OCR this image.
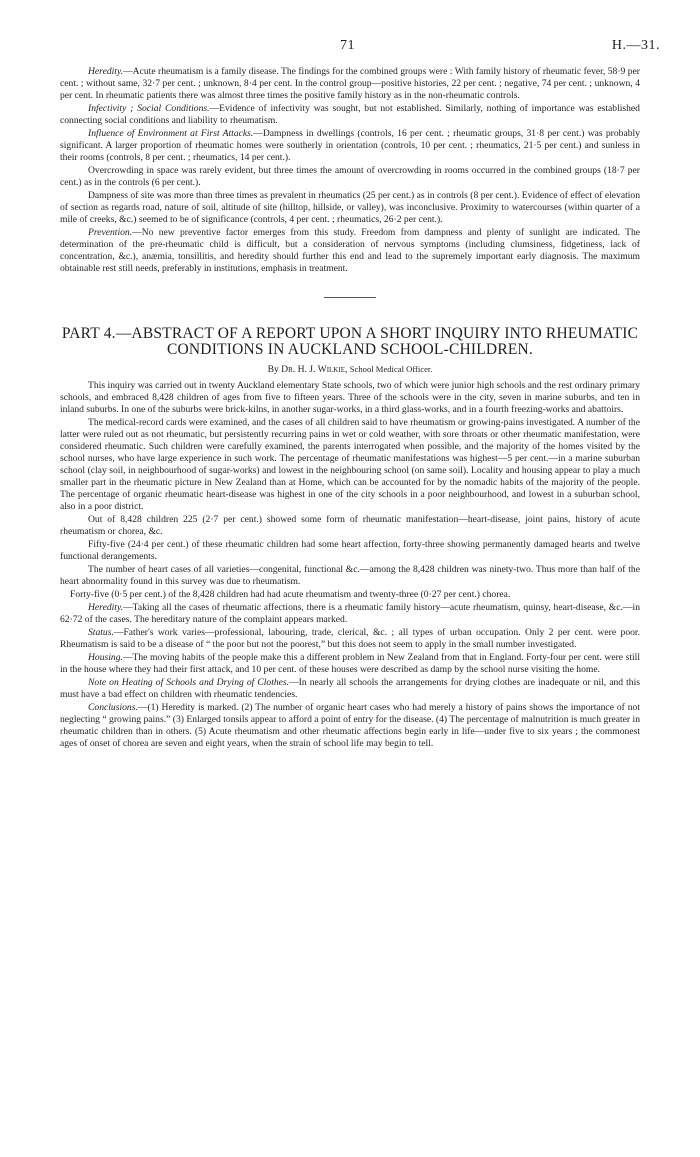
71	H.—31.

Heredity.—Acute rheumatism is a family disease. The findings for the combined groups were : With family history of rheumatic fever, 58·9 per cent. ; without same, 32·7 per cent. ; unknown, 8·4 per cent. In the control group—positive histories, 22 per cent. ; negative, 74 per cent. ; unknown, 4 per cent. In rheumatic patients there was almost three times the positive family history as in the non-rheumatic controls.

Infectivity ; Social Conditions.—Evidence of infectivity was sought, but not established. Similarly, nothing of importance was established connecting social conditions and liability to rheumatism.

Influence of Environment at First Attacks.—Dampness in dwellings (controls, 16 per cent. ; rheumatic groups, 31·8 per cent.) was probably significant. A larger proportion of rheumatic homes were southerly in orientation (controls, 10 per cent. ; rheumatics, 21·5 per cent.) and sunless in their rooms (controls, 8 per cent. ; rheumatics, 14 per cent.).

Overcrowding in space was rarely evident, but three times the amount of overcrowding in rooms occurred in the combined groups (18·7 per cent.) as in the controls (6 per cent.).

Dampness of site was more than three times as prevalent in rheumatics (25 per cent.) as in controls (8 per cent.). Evidence of effect of elevation of section as regards road, nature of soil, altitude of site (hilltop, hillside, or valley), was inconclusive. Proximity to watercourses (within quarter of a mile of creeks, &c.) seemed to be of significance (controls, 4 per cent. ; rheumatics, 26·2 per cent.).

Prevention.—No new preventive factor emerges from this study. Freedom from dampness and plenty of sunlight are indicated. The determination of the pre-rheumatic child is difficult, but a consideration of nervous symptoms (including clumsiness, fidgetiness, lack of concentration, &c.), anæmia, tonsillitis, and heredity should further this end and lead to the supremely important early diagnosis. The maximum obtainable rest still needs, preferably in institutions, emphasis in treatment.

PART 4.—ABSTRACT OF A REPORT UPON A SHORT INQUIRY INTO RHEUMATIC CONDITIONS IN AUCKLAND SCHOOL-CHILDREN.
By Dr. H. J. Wilkie, School Medical Officer.

This inquiry was carried out in twenty Auckland elementary State schools, two of which were junior high schools and the rest ordinary primary schools, and embraced 8,428 children of ages from five to fifteen years. Three of the schools were in the city, seven in marine suburbs, and ten in inland suburbs. In one of the suburbs were brick-kilns, in another sugar-works, in a third glass-works, and in a fourth freezing-works and abattoirs.

The medical-record cards were examined, and the cases of all children said to have rheumatism or growing-pains investigated. A number of the latter were ruled out as not rheumatic, but persistently recurring pains in wet or cold weather, with sore throats or other rheumatic manifestation, were considered rheumatic. Such children were carefully examined, the parents interrogated when possible, and the majority of the homes visited by the school nurses, who have large experience in such work. The percentage of rheumatic manifestations was highest—5 per cent.—in a marine suburban school (clay soil, in neighbourhood of sugar-works) and lowest in the neighbouring school (on same soil). Locality and housing appear to play a much smaller part in the rheumatic picture in New Zealand than at Home, which can be accounted for by the nomadic habits of the majority of the people. The percentage of organic rheumatic heart-disease was highest in one of the city schools in a poor neighbourhood, and lowest in a suburban school, also in a poor district.

Out of 8,428 children 225 (2·7 per cent.) showed some form of rheumatic manifestation—heart-disease, joint pains, history of acute rheumatism or chorea, &c.

Fifty-five (24·4 per cent.) of these rheumatic children had some heart affection, forty-three showing permanently damaged hearts and twelve functional derangements.

The number of heart cases of all varieties—congenital, functional &c.—among the 8,428 children was ninety-two. Thus more than half of the heart abnormality found in this survey was due to rheumatism.

Forty-five (0·5 per cent.) of the 8,428 children had had acute rheumatism and twenty-three (0·27 per cent.) chorea.

Heredity.—Taking all the cases of rheumatic affections, there is a rheumatic family history—acute rheumatism, quinsy, heart-disease, &c.—in 62·72 of the cases. The hereditary nature of the complaint appears marked.

Status.—Father's work varies—professional, labouring, trade, clerical, &c. ; all types of urban occupation. Only 2 per cent. were poor. Rheumatism is said to be a disease of “ the poor but not the poorest,” but this does not seem to apply in the small number investigated.

Housing.—The moving habits of the people make this a different problem in New Zealand from that in England. Forty-four per cent. were still in the house where they had their first attack, and 10 per cent. of these houses were described as damp by the school nurse visiting the home.

Note on Heating of Schools and Drying of Clothes.—In nearly all schools the arrangements for drying clothes are inadequate or nil, and this must have a bad effect on children with rheumatic tendencies.

Conclusions.—(1) Heredity is marked. (2) The number of organic heart cases who had merely a history of pains shows the importance of not neglecting “ growing pains.” (3) Enlarged tonsils appear to afford a point of entry for the disease. (4) The percentage of malnutrition is much greater in rheumatic children than in others. (5) Acute rheumatism and other rheumatic affections begin early in life—under five to six years ; the commonest ages of onset of chorea are seven and eight years, when the strain of school life may begin to tell.
